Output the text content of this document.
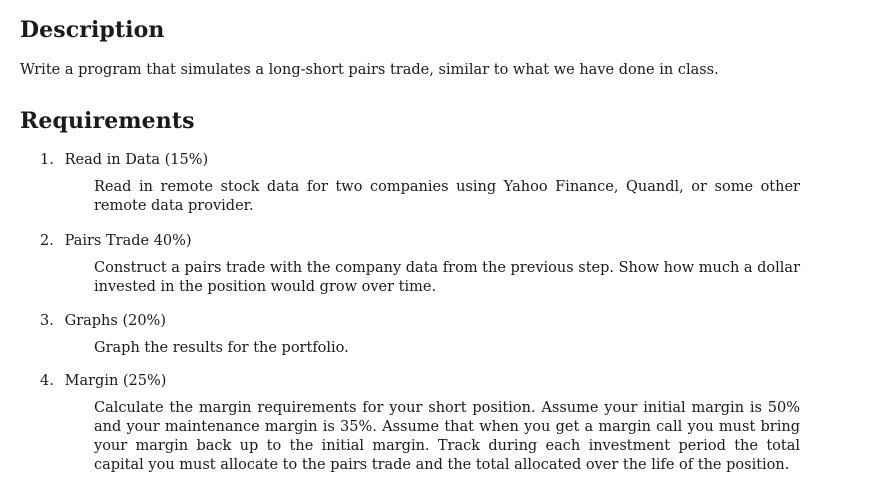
Description

Write a program that simulates a long-short pairs trade, similar to what we have done in class.

Requirements

1. Read in Data (15%)

Read in remote stock data for two companies using Yahoo Finance, Quandl, or some other remote data provider.

2. Pairs Trade 40%)

Construct a pairs trade with the company data from the previous step. Show how much a dollar invested in the position would grow over time.

3. Graphs (20%)

Graph the results for the portfolio.

4. Margin (25%)

Calculate the margin requirements for your short position. Assume your initial margin is 50% and your maintenance margin is 35%. Assume that when you get a margin call you must bring your margin back up to the initial margin. Track during each investment period the total capital you must allocate to the pairs trade and the total allocated over the life of the position.
